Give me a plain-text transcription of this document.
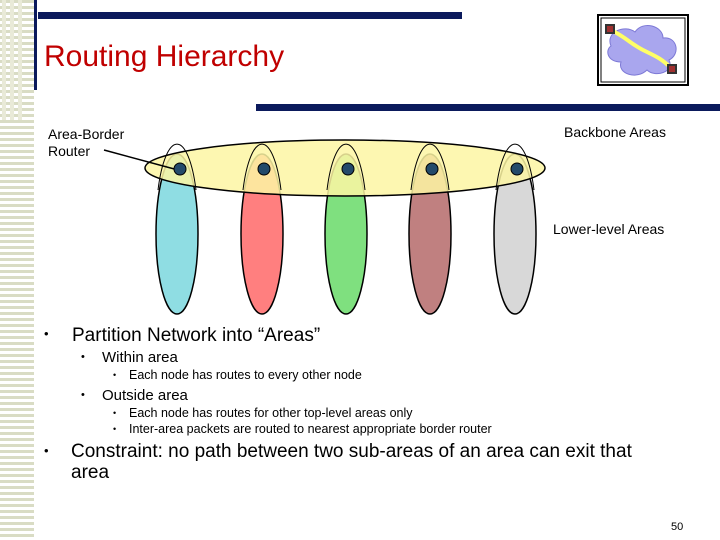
Routing Hierarchy
Area-Border
Router
Backbone Areas
Lower-level Areas
• Partition Network into “Areas”
• Within area
• Each node has routes to every other node
• Outside area
• Each node has routes for other top-level areas only
• Inter-area packets are routed to nearest appropriate border router
• Constraint: no path between two sub-areas of an area can exit that
area
50
